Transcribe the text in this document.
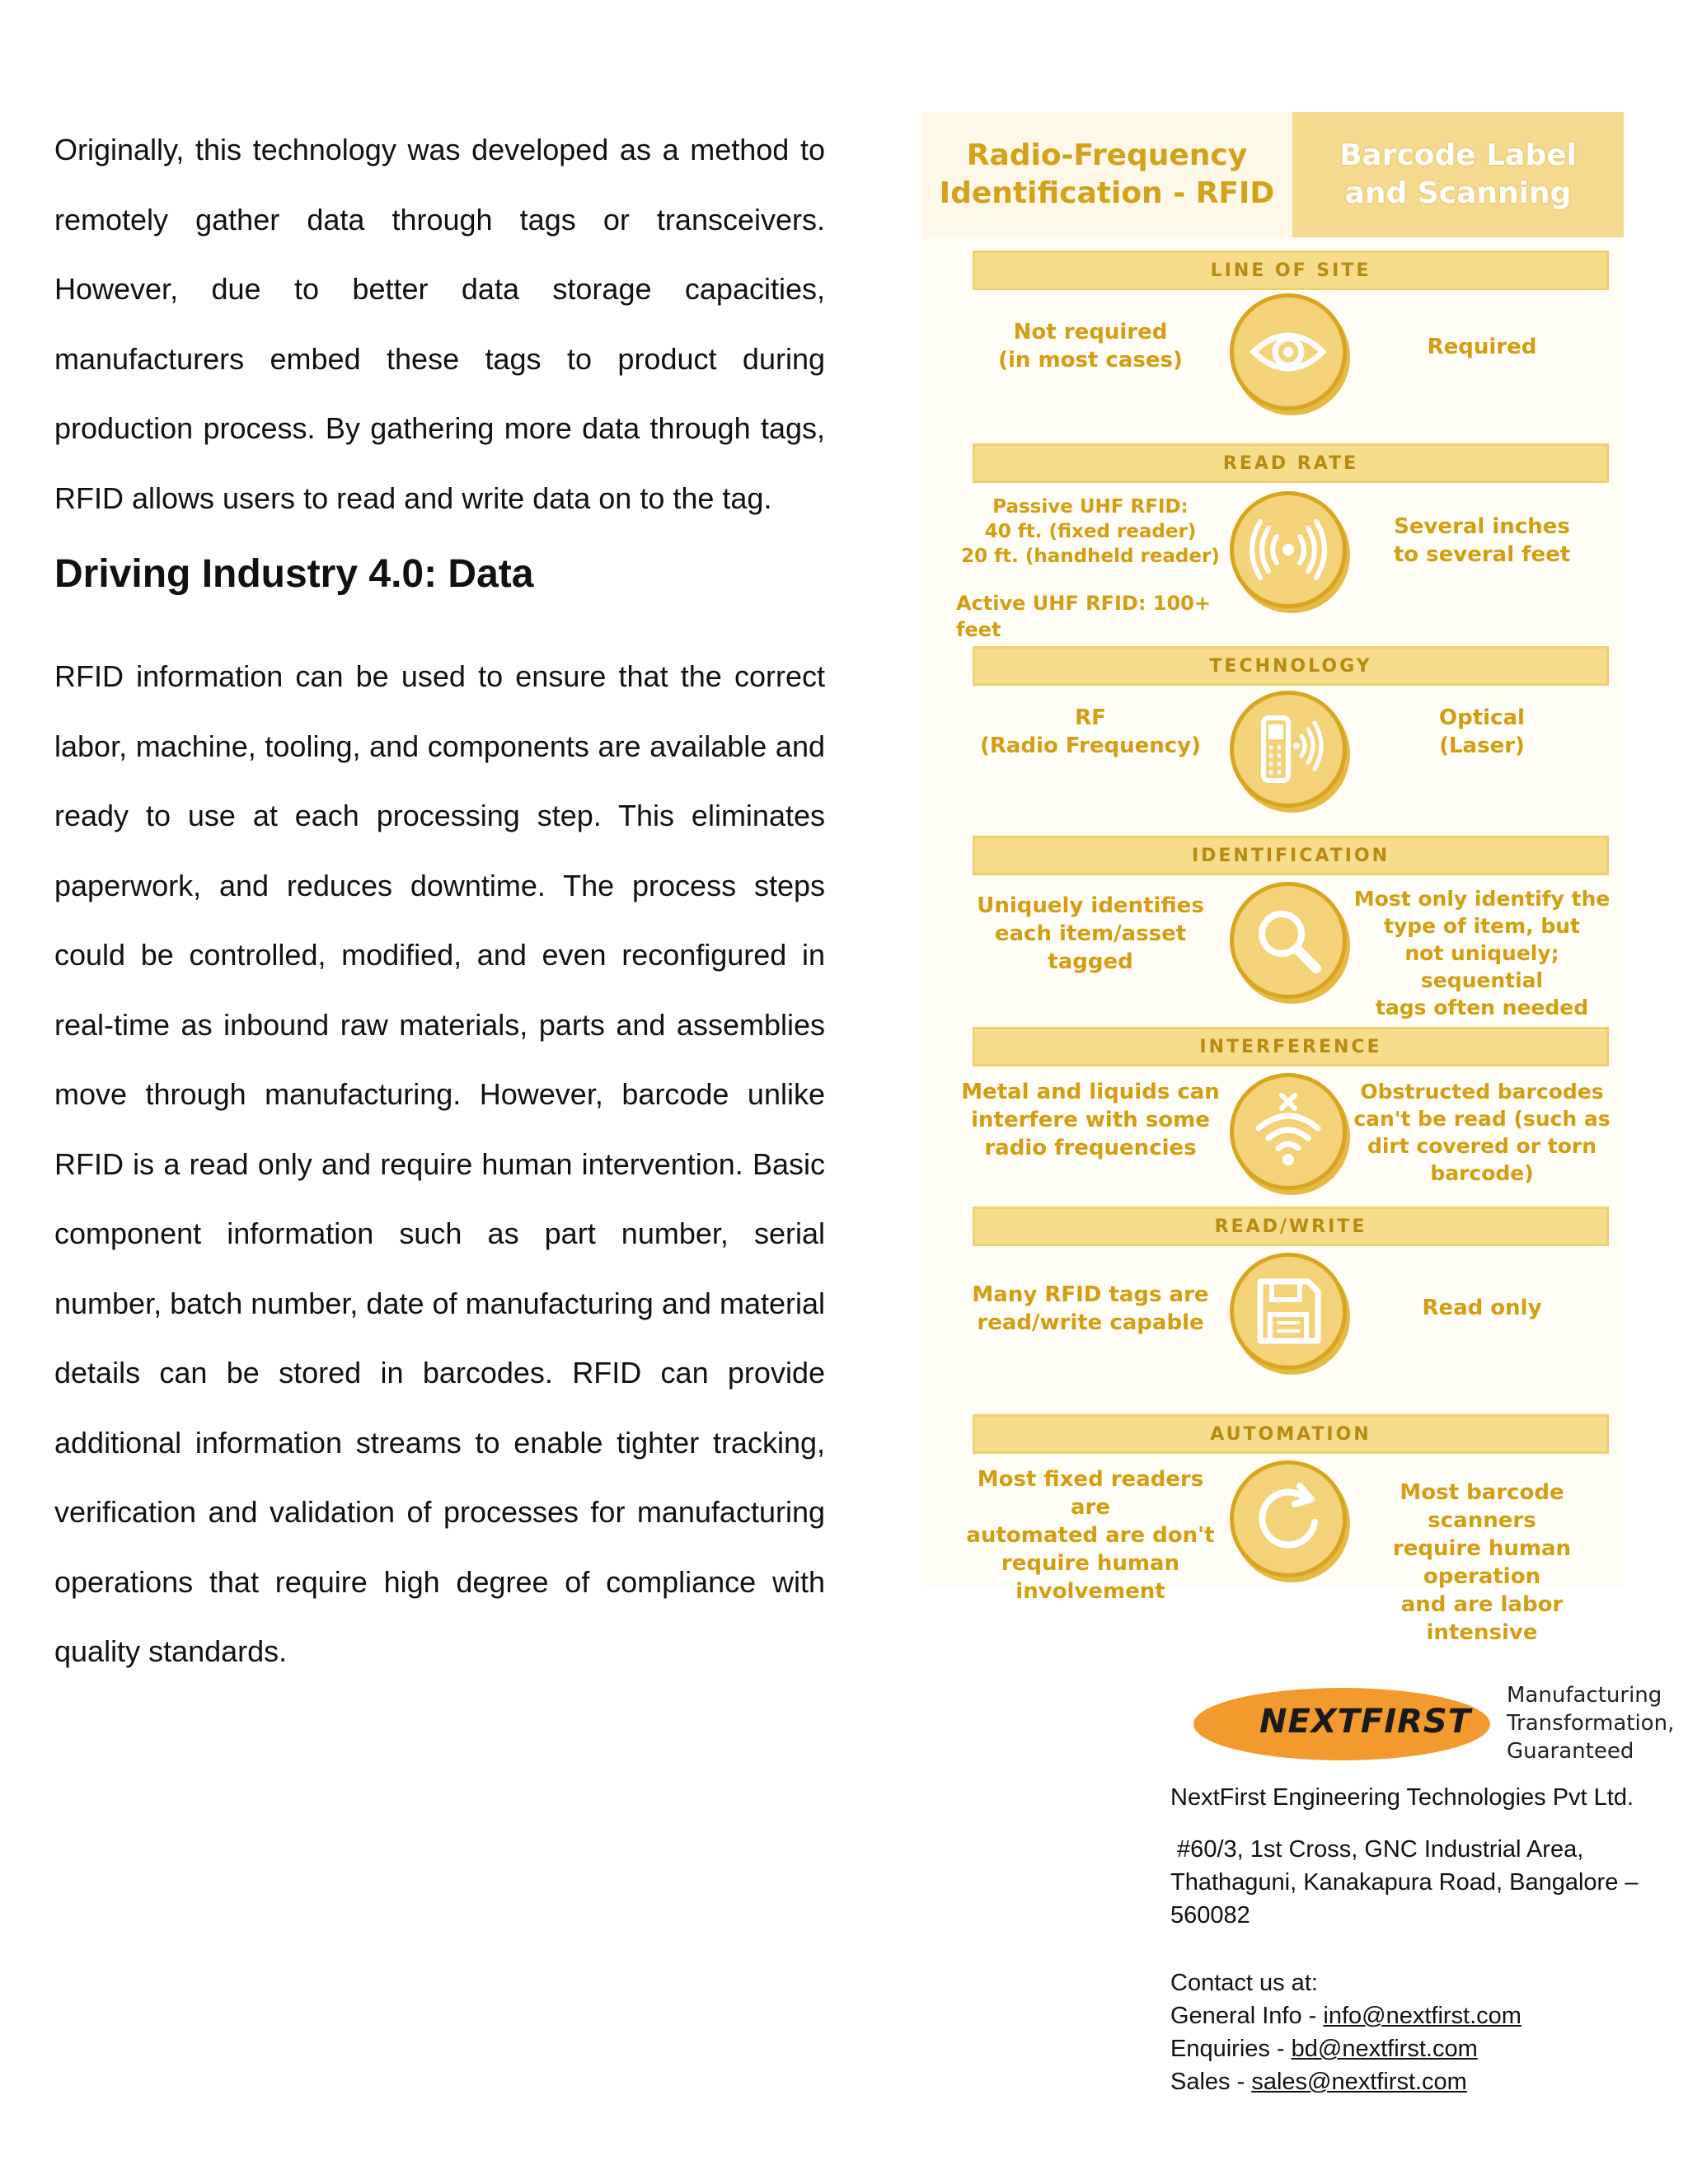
Originally, this technology was developed as a method to remotely gather data through tags or transceivers. However, due to better data storage capacities, manufacturers embed these tags to product during production process. By gathering more data through tags, RFID allows users to read and write data on to the tag.

Driving Industry 4.0: Data

RFID information can be used to ensure that the correct labor, machine, tooling, and components are available and ready to use at each processing step. This eliminates paperwork, and reduces downtime. The process steps could be controlled, modified, and even reconfigured in real-time as inbound raw materials, parts and assemblies move through manufacturing. However, barcode unlike RFID is a read only and require human intervention. Basic component information such as part number, serial number, batch number, date of manufacturing and material details can be stored in barcodes. RFID can provide additional information streams to enable tighter tracking, verification and validation of processes for manufacturing operations that require high degree of compliance with quality standards.

Radio-Frequency
Identification - RFID
Barcode Label
and Scanning
LINE OF SITE
Not required
(in most cases)
Required
READ RATE
Passive UHF RFID:
40 ft. (fixed reader)
20 ft. (handheld reader)
Active UHF RFID: 100+ feet
Several inches
to several feet
TECHNOLOGY
RF
(Radio Frequency)
Optical
(Laser)
IDENTIFICATION
Uniquely identifies
each item/asset
tagged
Most only identify the
type of item, but
not uniquely; sequential
tags often needed
INTERFERENCE
Metal and liquids can
interfere with some
radio frequencies
Obstructed barcodes
can't be read (such as
dirt covered or torn
barcode)
READ/WRITE
Many RFID tags are
read/write capable
Read only
AUTOMATION
Most fixed readers are
automated are don't
require human
involvement
Most barcode scanners
require human operation
and are labor intensive
NEXTFIRST
Manufacturing
Transformation,
Guaranteed

NextFirst Engineering Technologies Pvt Ltd.

#60/3, 1st Cross, GNC Industrial Area,

Thathaguni, Kanakapura Road, Bangalore –

560082

Contact us at:

General Info - info@nextfirst.com

Enquiries - bd@nextfirst.com

Sales - sales@nextfirst.com
